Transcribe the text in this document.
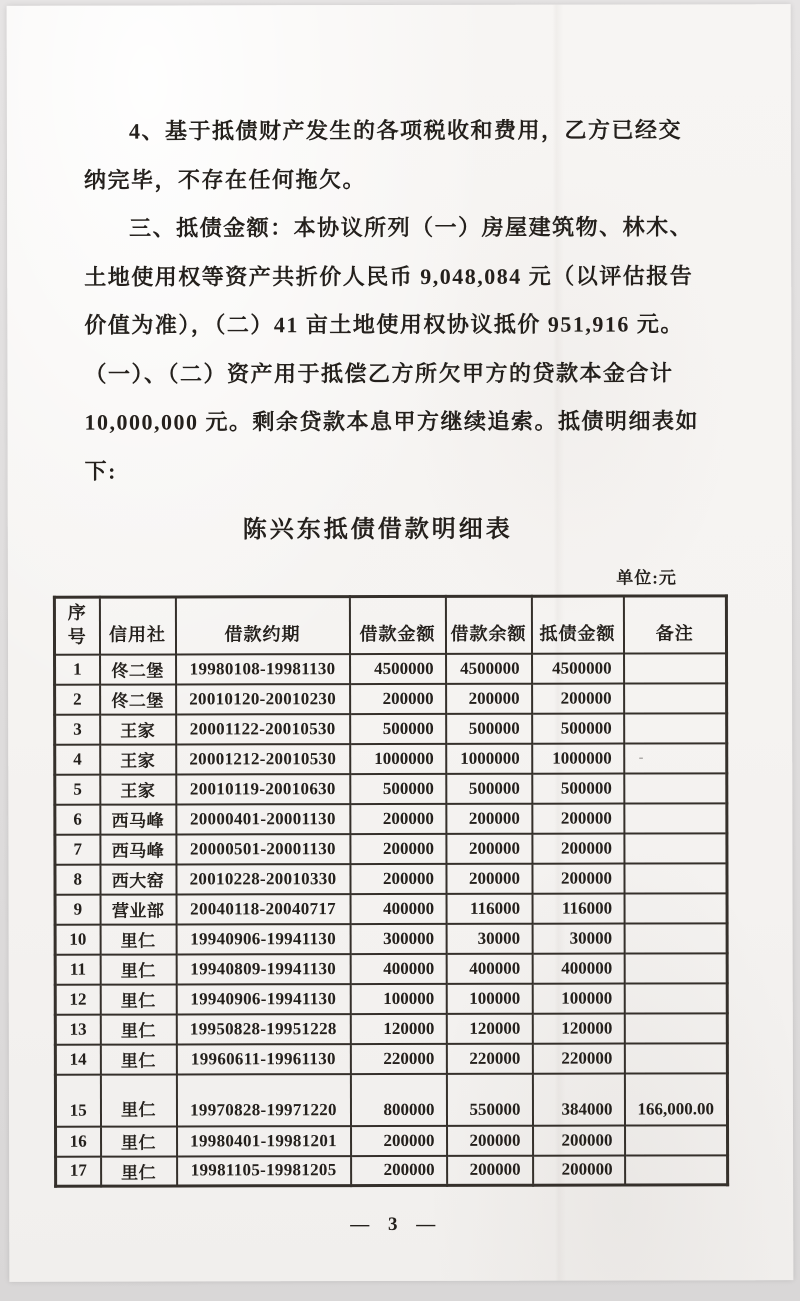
4、基于抵债财产发生的各项税收和费用，乙方已经交
纳完毕，不存在任何拖欠。
三、抵债金额：本协议所列（一）房屋建筑物、林木、
土地使用权等资产共折价人民币 9,048,084 元（以评估报告
价值为准），（二）41 亩土地使用权协议抵价 951,916 元。
（一）、（二）资产用于抵偿乙方所欠甲方的贷款本金合计
10,000,000 元。剩余贷款本息甲方继续追索。抵债明细表如
下:
陈兴东抵债借款明细表
单位:元
序号	信用社	借款约期	借款金额	借款余额	抵债金额	备注
1	佟二堡	19980108-19981130	4500000	4500000	4500000	
2	佟二堡	20010120-20010230	200000	200000	200000	
3	王家	20001122-20010530	500000	500000	500000	
4	王家	20001212-20010530	1000000	1000000	1000000	-
5	王家	20010119-20010630	500000	500000	500000	
6	西马峰	20000401-20001130	200000	200000	200000	
7	西马峰	20000501-20001130	200000	200000	200000	
8	西大窑	20010228-20010330	200000	200000	200000	
9	营业部	20040118-20040717	400000	116000	116000	
10	里仁	19940906-19941130	300000	30000	30000	
11	里仁	19940809-19941130	400000	400000	400000	
12	里仁	19940906-19941130	100000	100000	100000	
13	里仁	19950828-19951228	120000	120000	120000	
14	里仁	19960611-19961130	220000	220000	220000	
15	里仁	19970828-19971220	800000	550000	384000	166,000.00
16	里仁	19980401-19981201	200000	200000	200000	
17	里仁	19981105-19981205	200000	200000	200000	
— 3 —
